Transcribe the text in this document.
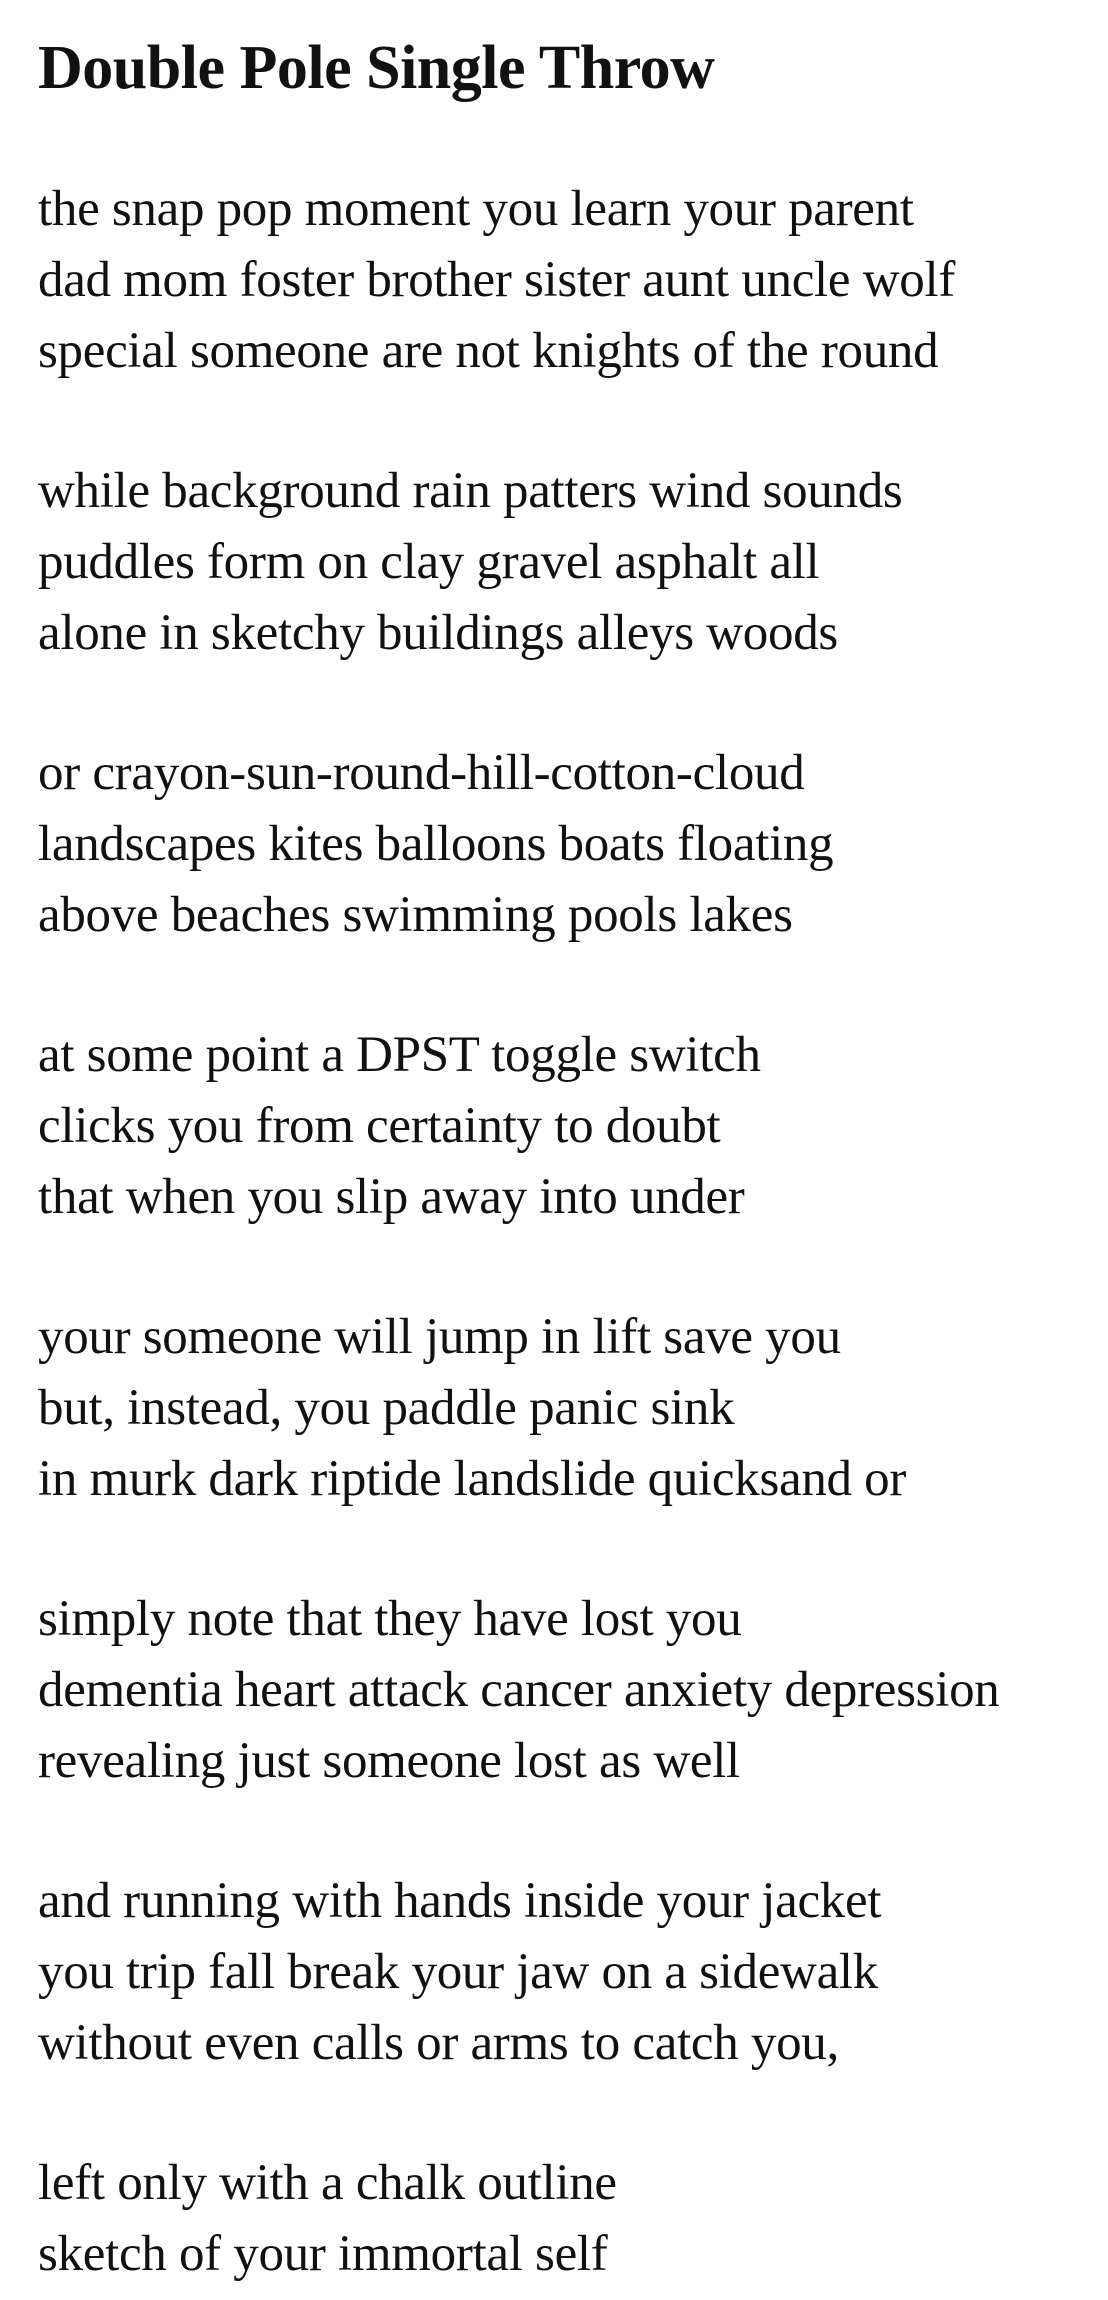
Double Pole Single Throw

the snap pop moment you learn your parent
dad mom foster brother sister aunt uncle wolf
special someone are not knights of the round

while background rain patters wind sounds
puddles form on clay gravel asphalt all
alone in sketchy buildings alleys woods

or crayon-sun-round-hill-cotton-cloud
landscapes kites balloons boats floating
above beaches swimming pools lakes

at some point a DPST toggle switch
clicks you from certainty to doubt
that when you slip away into under

your someone will jump in lift save you
but, instead, you paddle panic sink
in murk dark riptide landslide quicksand or

simply note that they have lost you
dementia heart attack cancer anxiety depression
revealing just someone lost as well

and running with hands inside your jacket
you trip fall break your jaw on a sidewalk
without even calls or arms to catch you,

left only with a chalk outline
sketch of your immortal self
